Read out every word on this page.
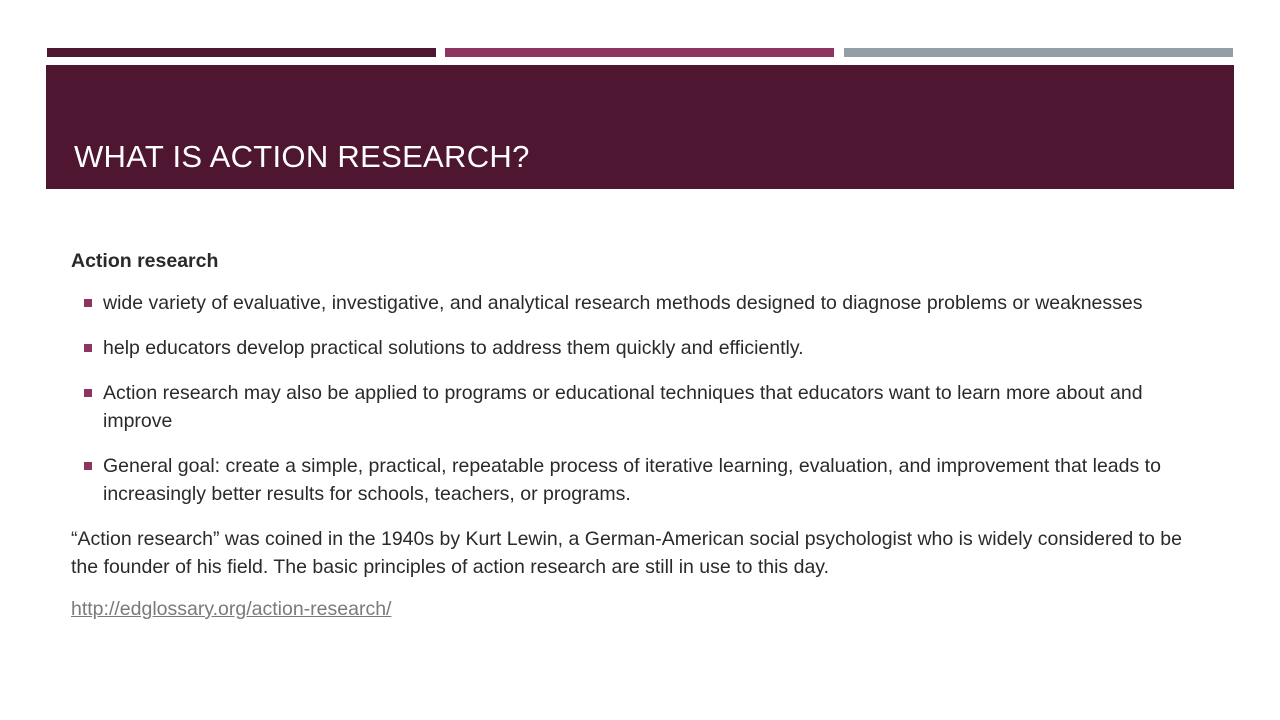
WHAT IS ACTION RESEARCH?

Action research

wide variety of evaluative, investigative, and analytical research methods designed to diagnose problems or weaknesses
help educators develop practical solutions to address them quickly and efficiently.
Action research may also be applied to programs or educational techniques that educators want to learn more about and improve
General goal: create a simple, practical, repeatable process of iterative learning, evaluation, and improvement that leads to increasingly better results for schools, teachers, or programs.

“Action research” was coined in the 1940s by Kurt Lewin, a German-American social psychologist who is widely considered to be the founder of his field. The basic principles of action research are still in use to this day.

http://edglossary.org/action-research/
